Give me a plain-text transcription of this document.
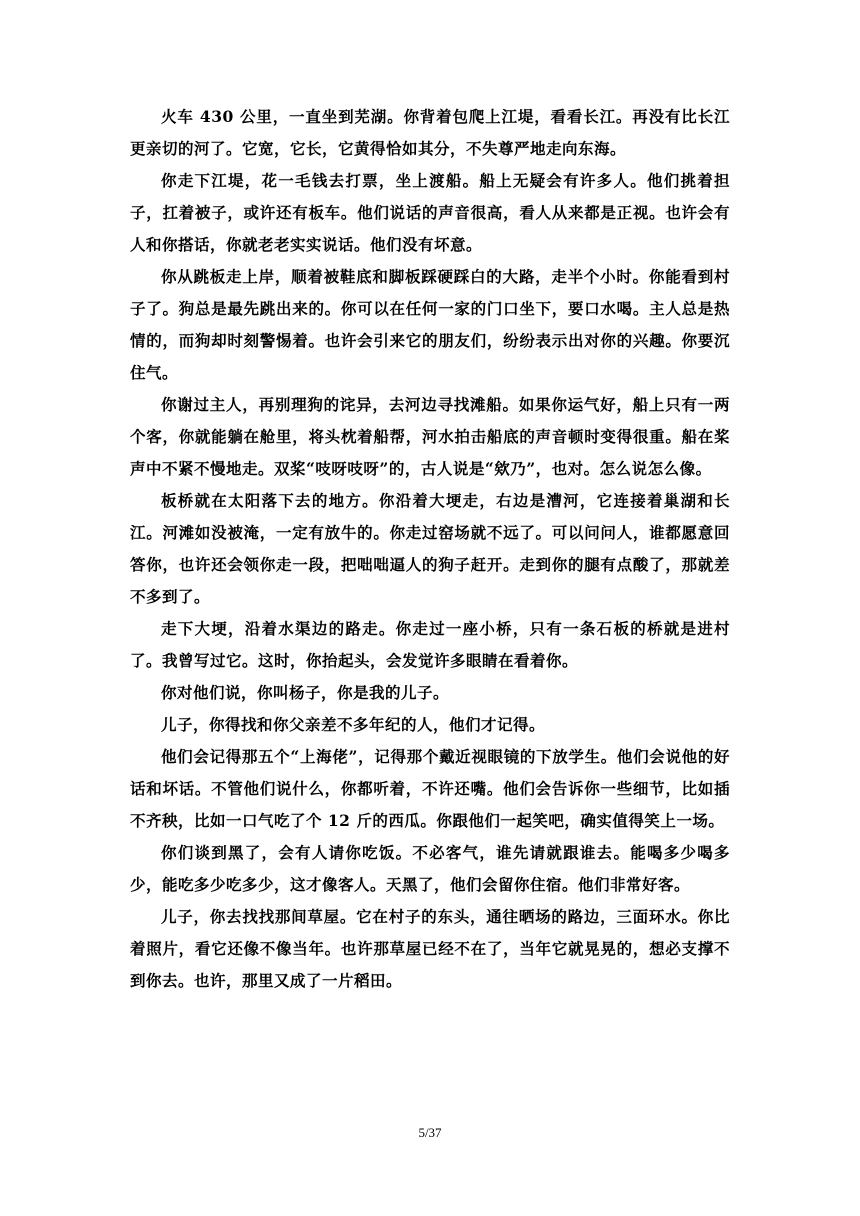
火车 430 公里，一直坐到芜湖。你背着包爬上江堤，看看长江。再没有比长江更亲切的河了。它宽，它长，它黄得恰如其分，不失尊严地走向东海。

你走下江堤，花一毛钱去打票，坐上渡船。船上无疑会有许多人。他们挑着担子，扛着被子，或许还有板车。他们说话的声音很高，看人从来都是正视。也许会有人和你搭话，你就老老实实说话。他们没有坏意。

你从跳板走上岸，顺着被鞋底和脚板踩硬踩白的大路，走半个小时。你能看到村子了。狗总是最先跳出来的。你可以在任何一家的门口坐下，要口水喝。主人总是热情的，而狗却时刻警惕着。也许会引来它的朋友们，纷纷表示出对你的兴趣。你要沉住气。

你谢过主人，再别理狗的诧异，去河边寻找滩船。如果你运气好，船上只有一两个客，你就能躺在舱里，将头枕着船帮，河水拍击船底的声音顿时变得很重。船在桨声中不紧不慢地走。双桨“吱呀吱呀”的，古人说是“欸乃”，也对。怎么说怎么像。

板桥就在太阳落下去的地方。你沿着大埂走，右边是漕河，它连接着巢湖和长江。河滩如没被淹，一定有放牛的。你走过窑场就不远了。可以问问人，谁都愿意回答你，也许还会领你走一段，把咄咄逼人的狗子赶开。走到你的腿有点酸了，那就差不多到了。

走下大埂，沿着水渠边的路走。你走过一座小桥，只有一条石板的桥就是进村了。我曾写过它。这时，你抬起头，会发觉许多眼睛在看着你。

你对他们说，你叫杨子，你是我的儿子。

儿子，你得找和你父亲差不多年纪的人，他们才记得。

他们会记得那五个“上海佬”，记得那个戴近视眼镜的下放学生。他们会说他的好话和坏话。不管他们说什么，你都听着，不许还嘴。他们会告诉你一些细节，比如插不齐秧，比如一口气吃了个 12 斤的西瓜。你跟他们一起笑吧，确实值得笑上一场。

你们谈到黑了，会有人请你吃饭。不必客气，谁先请就跟谁去。能喝多少喝多少，能吃多少吃多少，这才像客人。天黑了，他们会留你住宿。他们非常好客。

儿子，你去找找那间草屋。它在村子的东头，通往晒场的路边，三面环水。你比着照片，看它还像不像当年。也许那草屋已经不在了，当年它就晃晃的，想必支撑不到你去。也许，那里又成了一片稻田。

5/37
